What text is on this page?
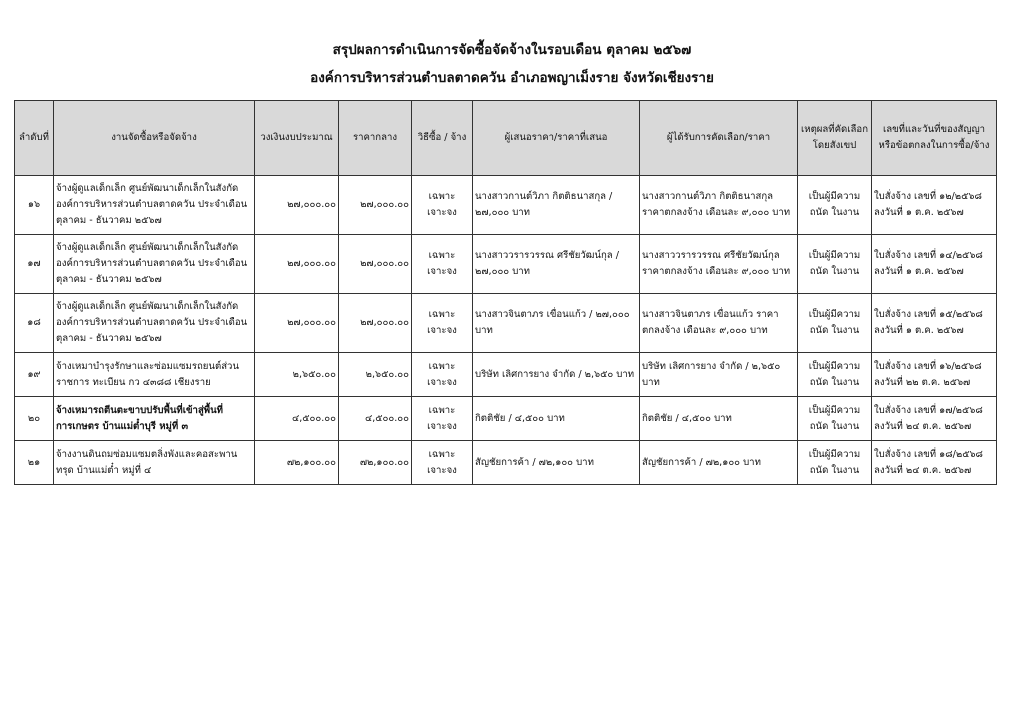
สรุปผลการดำเนินการจัดซื้อจัดจ้างในรอบเดือน ตุลาคม ๒๕๖๗
องค์การบริหารส่วนตำบลตาดควัน อำเภอพญาเม็งราย จังหวัดเชียงราย
ลำดับที่	งานจัดซื้อหรือจัดจ้าง	วงเงินงบประมาณ	ราคากลาง	วิธีซื้อ / จ้าง	ผู้เสนอราคา/ราคาที่เสนอ	ผู้ได้รับการคัดเลือก/ราคา	เหตุผลที่คัดเลือก โดยสังเขป	เลขที่และวันที่ของสัญญา หรือข้อตกลงในการซื้อ/จ้าง
๑๖	จ้างผู้ดูแลเด็กเล็ก ศูนย์พัฒนาเด็กเล็กในสังกัด องค์การบริหารส่วนตำบลตาดควัน ประจำเดือน ตุลาคม - ธันวาคม ๒๕๖๗	๒๗,๐๐๐.๐๐	๒๗,๐๐๐.๐๐	เฉพาะเจาะจง	นางสาวกานต์วิภา กิตติธนาสกุล / ๒๗,๐๐๐ บาท	นางสาวกานต์วิภา กิตติธนาสกุล ราคาตกลงจ้าง เดือนละ ๙,๐๐๐ บาท	เป็นผู้มีความถนัด ในงาน	ใบสั่งจ้าง เลขที่ ๑๒/๒๕๖๘ ลงวันที่ ๑ ต.ค. ๒๕๖๗
๑๗	จ้างผู้ดูแลเด็กเล็ก ศูนย์พัฒนาเด็กเล็กในสังกัด องค์การบริหารส่วนตำบลตาดควัน ประจำเดือน ตุลาคม - ธันวาคม ๒๕๖๗	๒๗,๐๐๐.๐๐	๒๗,๐๐๐.๐๐	เฉพาะเจาะจง	นางสาววรารวรรณ ศรีชัยวัฒน์กุล / ๒๗,๐๐๐ บาท	นางสาววรารวรรณ ศรีชัยวัฒน์กุล ราคาตกลงจ้าง เดือนละ ๙,๐๐๐ บาท	เป็นผู้มีความถนัด ในงาน	ใบสั่งจ้าง เลขที่ ๑๔/๒๕๖๘ ลงวันที่ ๑ ต.ค. ๒๕๖๗
๑๘	จ้างผู้ดูแลเด็กเล็ก ศูนย์พัฒนาเด็กเล็กในสังกัด องค์การบริหารส่วนตำบลตาดควัน ประจำเดือน ตุลาคม - ธันวาคม ๒๕๖๗	๒๗,๐๐๐.๐๐	๒๗,๐๐๐.๐๐	เฉพาะเจาะจง	นางสาวจินตาภร เขื่อนแก้ว / ๒๗,๐๐๐ บาท	นางสาวจินตาภร เขื่อนแก้ว ราคาตกลงจ้าง เดือนละ ๙,๐๐๐ บาท	เป็นผู้มีความถนัด ในงาน	ใบสั่งจ้าง เลขที่ ๑๕/๒๕๖๘ ลงวันที่ ๑ ต.ค. ๒๕๖๗
๑๙	จ้างเหมาบำรุงรักษาและซ่อมแซมรถยนต์ส่วน ราชการ ทะเบียน กว ๔๓๘๘ เชียงราย	๒,๖๕๐.๐๐	๒,๖๕๐.๐๐	เฉพาะเจาะจง	บริษัท เลิศการยาง จำกัด / ๒,๖๕๐ บาท	บริษัท เลิศการยาง จำกัด / ๒,๖๕๐ บาท	เป็นผู้มีความถนัด ในงาน	ใบสั่งจ้าง เลขที่ ๑๖/๒๕๖๘ ลงวันที่ ๒๒ ต.ค. ๒๕๖๗
๒๐	จ้างเหมารถตีนตะขาบปรับพื้นที่เข้าสู่พื้นที่ การเกษตร บ้านแม่ต๋ำบุรี หมู่ที่ ๓	๔,๕๐๐.๐๐	๔,๕๐๐.๐๐	เฉพาะเจาะจง	กิตติชัย / ๔,๕๐๐ บาท	กิตติชัย / ๔,๕๐๐ บาท	เป็นผู้มีความถนัด ในงาน	ใบสั่งจ้าง เลขที่ ๑๗/๒๕๖๘ ลงวันที่ ๒๔ ต.ค. ๒๕๖๗
๒๑	จ้างงานดินถมซ่อมแซมตลิ่งพังและคอสะพานทรุด บ้านแม่ต๋ำ หมู่ที่ ๔	๗๒,๑๐๐.๐๐	๗๒,๑๐๐.๐๐	เฉพาะเจาะจง	สัญชัยการค้า / ๗๒,๑๐๐ บาท	สัญชัยการค้า / ๗๒,๑๐๐ บาท	เป็นผู้มีความถนัด ในงาน	ใบสั่งจ้าง เลขที่ ๑๘/๒๕๖๘ ลงวันที่ ๒๔ ต.ค. ๒๕๖๗
